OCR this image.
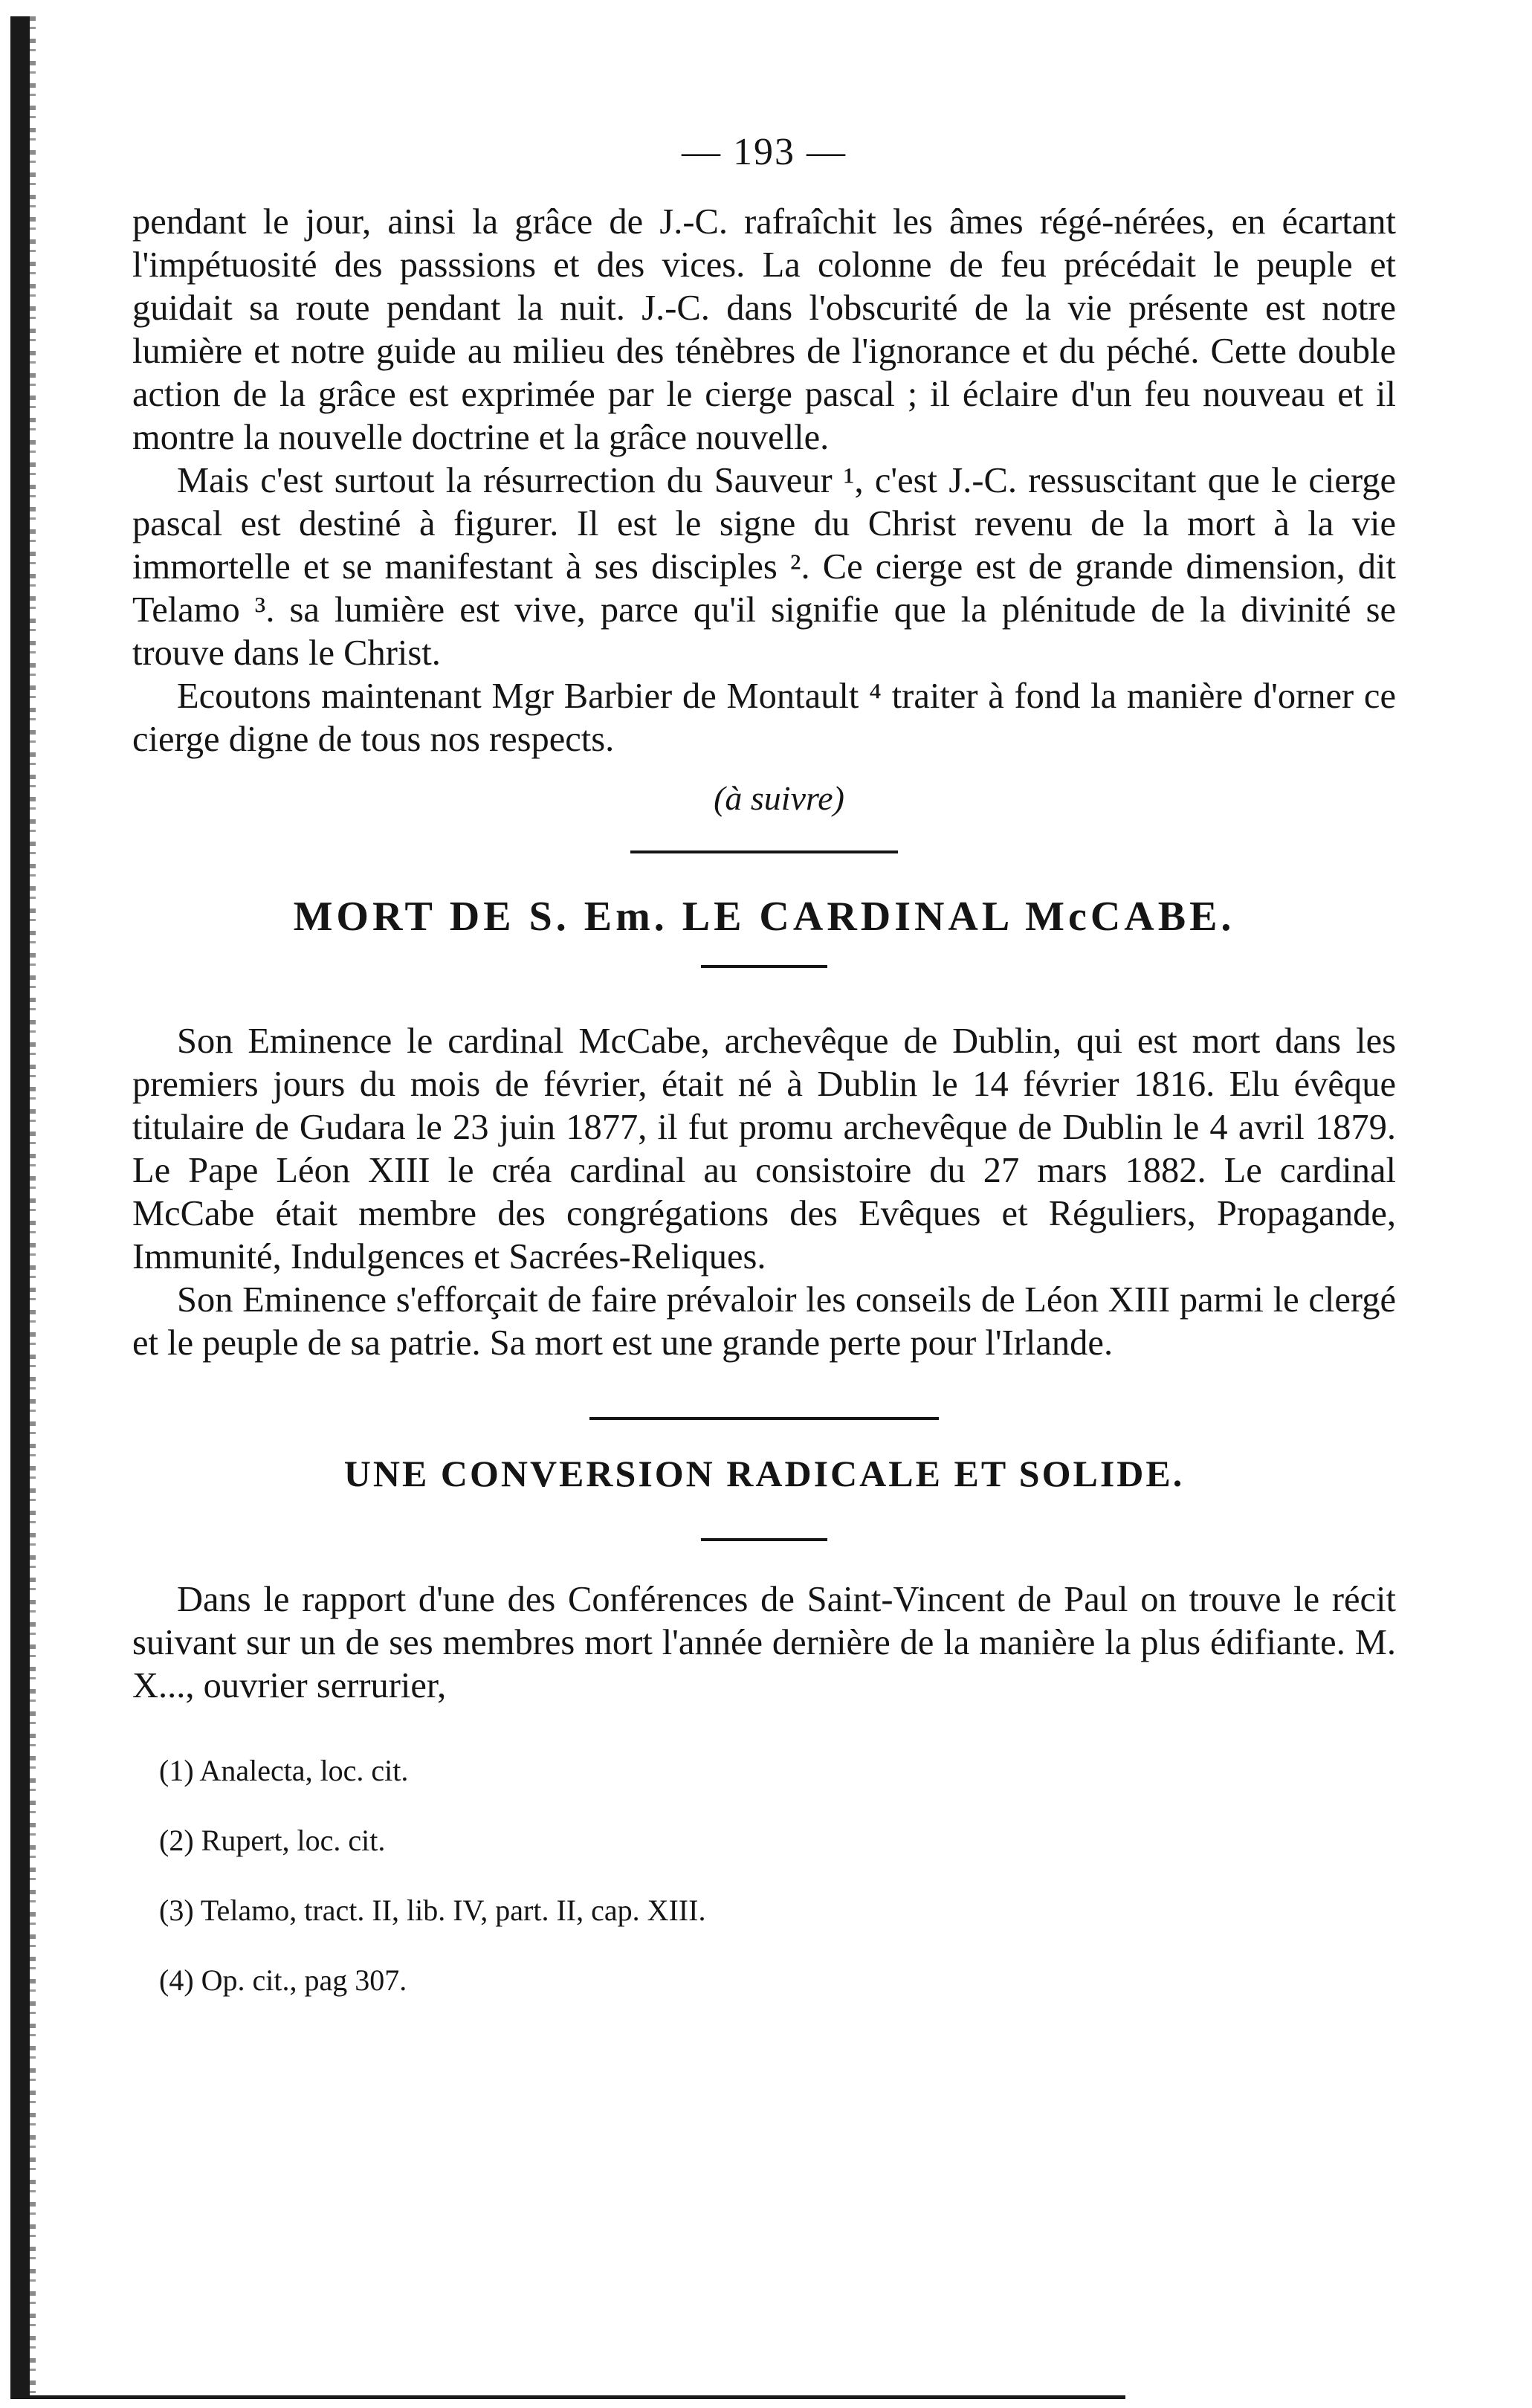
— 193 —

pendant le jour, ainsi la grâce de J.-C. rafraîchit les âmes régé-nérées, en écartant l'impétuosité des passsions et des vices. La colonne de feu précédait le peuple et guidait sa route pendant la nuit. J.-C. dans l'obscurité de la vie présente est notre lumière et notre guide au milieu des ténèbres de l'ignorance et du péché. Cette double action de la grâce est exprimée par le cierge pascal ; il éclaire d'un feu nouveau et il montre la nouvelle doctrine et la grâce nouvelle.

Mais c'est surtout la résurrection du Sauveur ¹, c'est J.-C. ressuscitant que le cierge pascal est destiné à figurer. Il est le signe du Christ revenu de la mort à la vie immortelle et se manifestant à ses disciples ². Ce cierge est de grande dimension, dit Telamo ³. sa lumière est vive, parce qu'il signifie que la plénitude de la divinité se trouve dans le Christ.

Ecoutons maintenant Mgr Barbier de Montault ⁴ traiter à fond la manière d'orner ce cierge digne de tous nos respects.

(à suivre)
MORT DE S. Em. LE CARDINAL McCABE.

Son Eminence le cardinal McCabe, archevêque de Dublin, qui est mort dans les premiers jours du mois de février, était né à Dublin le 14 février 1816. Elu évêque titulaire de Gudara le 23 juin 1877, il fut promu archevêque de Dublin le 4 avril 1879. Le Pape Léon XIII le créa cardinal au consistoire du 27 mars 1882. Le cardinal McCabe était membre des congrégations des Evêques et Réguliers, Propagande, Immunité, Indulgences et Sacrées-Reliques.

Son Eminence s'efforçait de faire prévaloir les conseils de Léon XIII parmi le clergé et le peuple de sa patrie. Sa mort est une grande perte pour l'Irlande.

UNE CONVERSION RADICALE ET SOLIDE.

Dans le rapport d'une des Conférences de Saint-Vincent de Paul on trouve le récit suivant sur un de ses membres mort l'année dernière de la manière la plus édifiante. M. X..., ouvrier serrurier,

(1) Analecta, loc. cit.
(2) Rupert, loc. cit.
(3) Telamo, tract. II, lib. IV, part. II, cap. XIII.
(4) Op. cit., pag 307.
